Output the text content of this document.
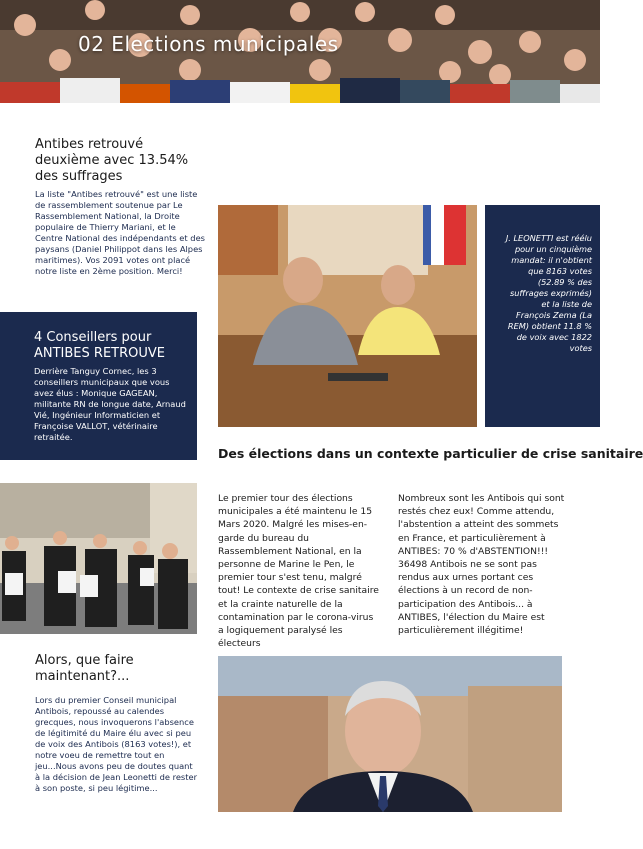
02 Elections municipales
Antibes retrouvé deuxième avec 13.54% des suffrages

La liste "Antibes retrouvé" est une liste de rassemblement soutenue par Le Rassemblement National, la Droite populaire de Thierry Mariani, et le Centre National des indépendants et des paysans (Daniel Philippot dans les Alpes maritimes). Vos 2091 votes ont placé notre liste en 2ème position. Merci!

J. LEONETTI est réélu pour un cinquième mandat: il n'obtient que 8163 votes (52.89 % des suffrages exprimés) et la liste de François Zema (La REM) obtient 11.8 % de voix avec 1822 votes

4 Conseillers pour ANTIBES RETROUVE

Derrière Tanguy Cornec, les 3 conseillers municipaux que vous avez élus : Monique GAGEAN, militante RN de longue date, Arnaud Vié, Ingénieur Informaticien et Françoise VALLOT, vétérinaire retraitée.

Des élections dans un contexte particulier de crise sanitaire

Le premier tour des élections municipales a été maintenu le 15 Mars 2020. Malgré les mises-en-garde du bureau du Rassemblement National, en la personne de Marine le Pen, le premier tour s'est tenu, malgré tout! Le contexte de crise sanitaire et la crainte naturelle de la contamination par le corona-virus a logiquement paralysé les électeurs

Nombreux sont les Antibois qui sont restés chez eux! Comme attendu, l'abstention a atteint des sommets en France, et particulièrement à ANTIBES: 70 % d'ABSTENTION!!! 36498 Antibois ne se sont pas rendus aux urnes portant ces élections à un record de non-participation des Antibois... à ANTIBES, l'élection du Maire est particulièrement illégitime!

Alors, que faire maintenant?...

Lors du premier Conseil municipal Antibois, repoussé au calendes grecques, nous invoquerons l'absence de légitimité du Maire élu avec si peu de voix des Antibois (8163 votes!), et notre voeu de remettre tout en jeu...Nous avons peu de doutes quant à la décision de Jean Leonetti de rester à son poste, si peu légitime...
